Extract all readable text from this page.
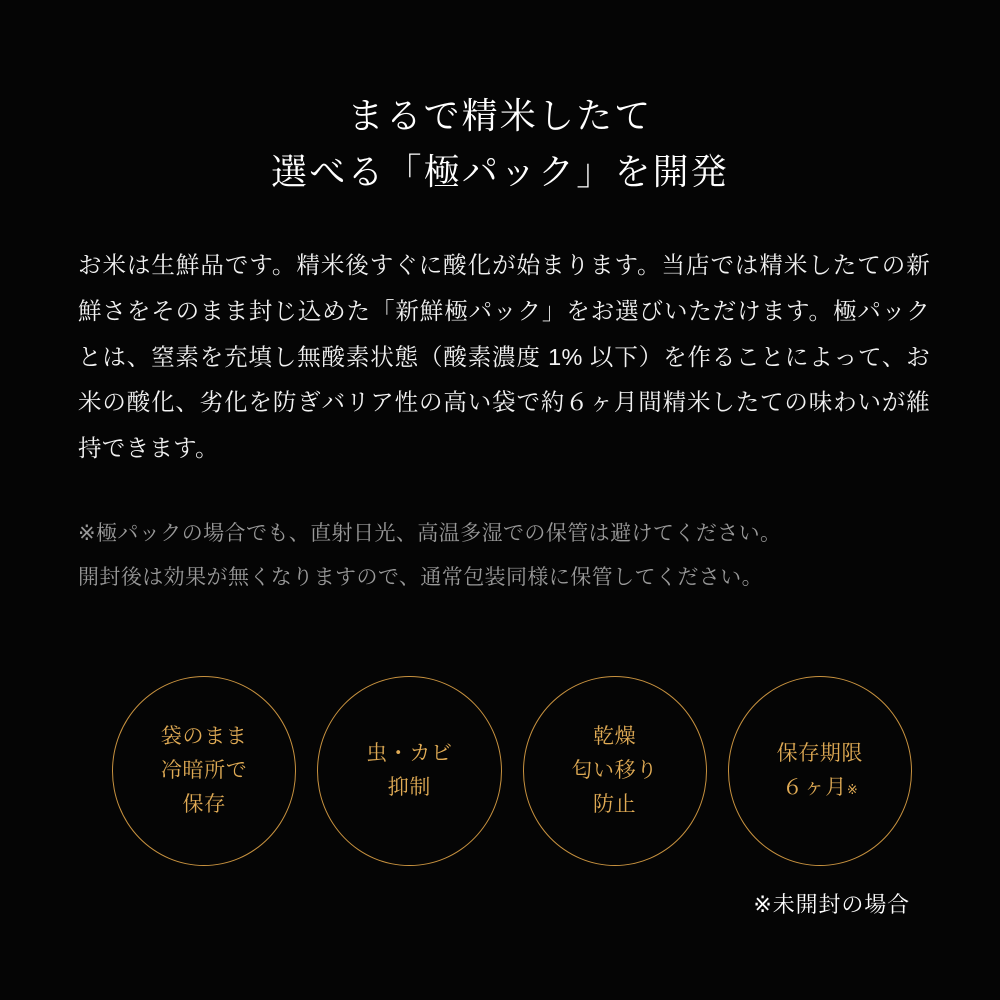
まるで精米したて
選べる「極パック」を開発

お米は生鮮品です。精米後すぐに酸化が始まります。当店では精米したての新鮮さをそのまま封じ込めた「新鮮極パック」をお選びいただけます。極パックとは、窒素を充填し無酸素状態（酸素濃度 1% 以下）を作ることによって、お米の酸化、劣化を防ぎバリア性の高い袋で約６ヶ月間精米したての味わいが維持できます。

※極パックの場合でも、直射日光、高温多湿での保管は避けてください。
開封後は効果が無くなりますので、通常包装同様に保管してください。
袋のまま
冷暗所で
保存
虫・カビ
抑制
乾燥
匂い移り
防止
保存期限
６ヶ月※
※未開封の場合
